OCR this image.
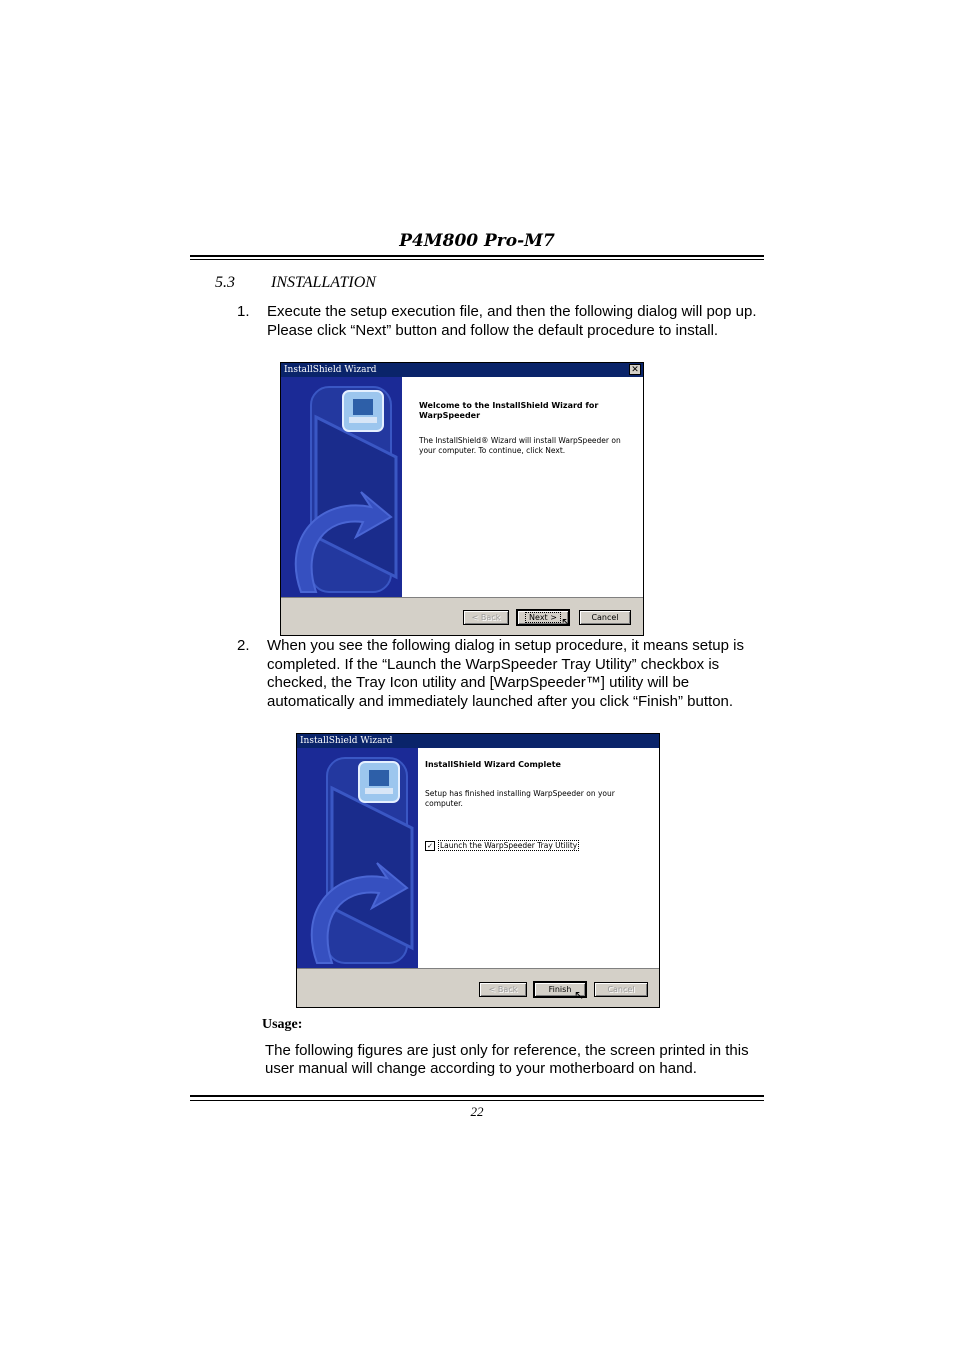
P4M800 Pro-M7
5.3 INSTALLATION
1. Execute the setup execution file, and then the following dialog will pop up. Please click “Next” button and follow the default procedure to install.
InstallShield Wizard	✕
Welcome to the InstallShield Wizard for WarpSpeeder
The InstallShield® Wizard will install WarpSpeeder on your computer. To continue, click Next.
< Back	Next > ↖	Cancel
2. When you see the following dialog in setup procedure, it means setup is completed. If the “Launch the WarpSpeeder Tray Utility” checkbox is checked, the Tray Icon utility and [WarpSpeeder™] utility will be automatically and immediately launched after you click “Finish” button.
InstallShield Wizard
InstallShield Wizard Complete
Setup has finished installing WarpSpeeder on your computer.
✓ Launch the WarpSpeeder Tray Utility
< Back	Finish ↖	Cancel
Usage:
The following figures are just only for reference, the screen printed in this user manual will change according to your motherboard on hand.
22
